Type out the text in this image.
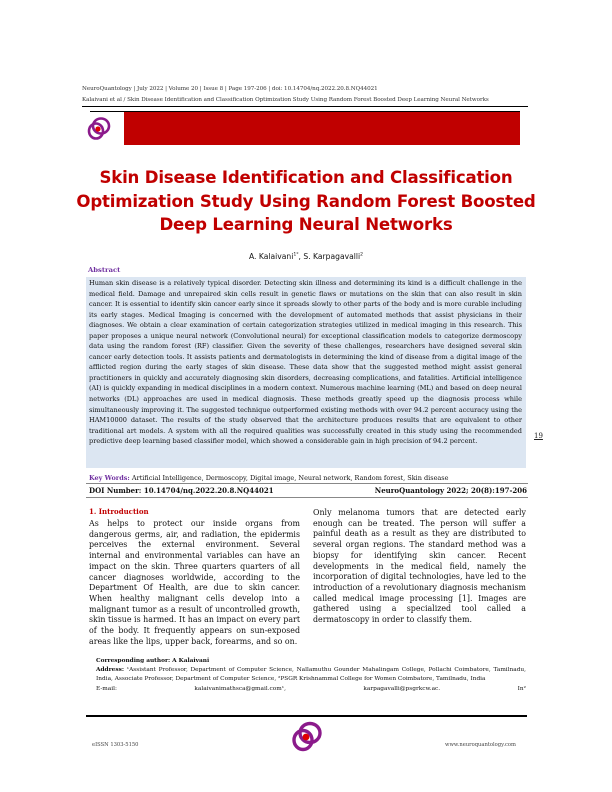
NeuroQuantology | July 2022 | Volume 20 | Issue 8 | Page 197-206 | doi: 10.14704/nq.2022.20.8.NQ44021
Kalaivani et al / Skin Disease Identification and Classification Optimization Study Using Random Forest Boosted Deep Learning Neural Networks
Skin Disease Identification and Classification
Optimization Study Using Random Forest Boosted
Deep Learning Neural Networks
A. Kalaivani$^{1*}$, S. Karpagavalli$^2$
Abstract
Human skin disease is a relatively typical disorder. Detecting skin illness and determining its kind is a difficult challenge in the medical field. Damage and unrepaired skin cells result in genetic flaws or mutations on the skin that can also result in skin cancer. It is essential to identify skin cancer early since it spreads slowly to other parts of the body and is more curable including its early stages. Medical Imaging is concerned with the development of automated methods that assist physicians in their diagnoses. We obtain a clear examination of certain categorization strategies utilized in medical imaging in this research. This paper proposes a unique neural network (Convolutional neural) for exceptional classification models to categorize dermoscopy data using the random forest (RF) classifier. Given the severity of these challenges, researchers have designed several skin cancer early detection tools. It assists patients and dermatologists in determining the kind of disease from a digital image of the afflicted region during the early stages of skin disease. These data show that the suggested method might assist general practitioners in quickly and accurately diagnosing skin disorders, decreasing complications, and fatalities. Artificial intelligence (AI) is quickly expanding in medical disciplines in a modern context. Numerous machine learning (ML) and based on deep neural networks (DL) approaches are used in medical diagnosis. These methods greatly speed up the diagnosis process while simultaneously improving it. The suggested technique outperformed existing methods with over 94.2 percent accuracy using the HAM10000 dataset. The results of the study observed that the architecture produces results that are equivalent to other traditional art models. A system with all the required qualities was successfully created in this study using the recommended predictive deep learning based classifier model, which showed a considerable gain in high precision of 94.2 percent.
19
Key Words: Artificial Intelligence, Dermoscopy, Digital image, Neural network, Random forest, Skin disease
DOI Number: 10.14704/nq.2022.20.8.NQ44021	NeuroQuantology 2022; 20(8):197-206
1. Introduction
As helps to protect our inside organs from dangerous germs, air, and radiation, the epidermis perceives the external environment. Several internal and environmental variables can have an impact on the skin. Three quarters quarters of all cancer diagnoses worldwide, according to the Department Of Health, are due to skin cancer. When healthy malignant cells develop into a malignant tumor as a result of uncontrolled growth, skin tissue is harmed. It has an impact on every part of the body. It frequently appears on sun-exposed areas like the lips, upper back, forearms, and so on.
Only melanoma tumors that are detected early enough can be treated. The person will suffer a painful death as a result as they are distributed to several organ regions. The standard method was a biopsy for identifying skin cancer. Recent developments in the medical field, namely the incorporation of digital technologies, have led to the introduction of a revolutionary diagnosis mechanism called medical image processing [1]. Images are gathered using a specialized tool called a dermatoscopy in order to classify them.
Corresponding author: A Kalaivani
Address: ¹Assistant Professor, Department of Computer Science, Nallamuthu Gounder Mahalingam College, Pollachi Coimbatore, Tamilnadu, India, Associate Professor, Department of Computer Science, ²PSGR Krishnammal College for Women Coimbatore, Tamilnadu, India
E-mail:	kalaivanimathsca@gmail.com¹,	karpagavalli@psgrkcw.ac.	In²
eISSN 1303-5150	www.neuroquantology.com
